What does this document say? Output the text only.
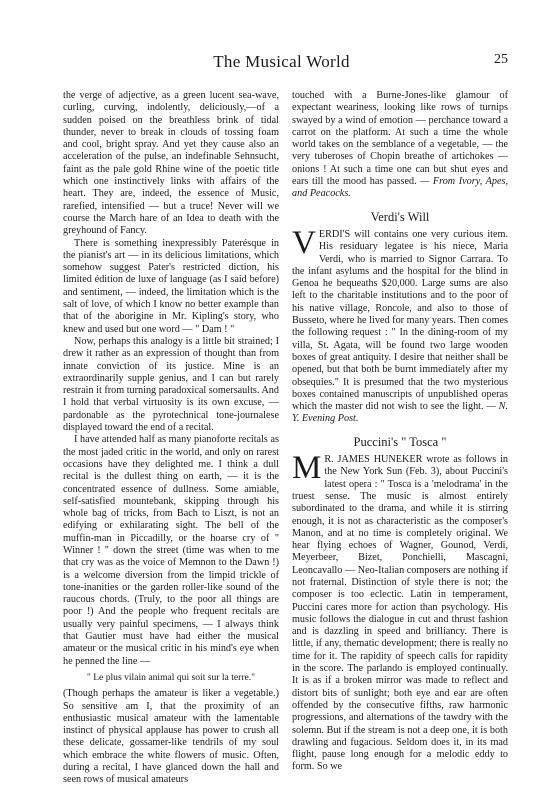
The Musical World	25

the verge of adjective, as a green lucent sea-wave, curling, curving, indolently, deliciously,—of a sudden poised on the breathless brink of tidal thunder, never to break in clouds of tossing foam and cool, bright spray. And yet they cause also an acceleration of the pulse, an indefinable Sehnsucht, faint as the pale gold Rhine wine of the poetic title which one instinctively links with affairs of the heart. They are, indeed, the essence of Music, rarefied, intensified — but a truce! Never will we course the March hare of an Idea to death with the greyhound of Fancy.

There is something inexpressibly Paterésque in the pianist's art — in its delicious limitations, which somehow suggest Pater's restricted diction, his limited édition de luxe of language (as I said before) and sentiment, — indeed, the limitation which is the salt of love, of which I know no better example than that of the aborigine in Mr. Kipling's story, who knew and used but one word — " Dam ! "

Now, perhaps this analogy is a little bit strained; I drew it rather as an expression of thought than from innate conviction of its justice. Mine is an extraordinarily supple genius, and I can but rarely restrain it from turning paradoxical somersaults. And I hold that verbal virtuosity is its own excuse, — pardonable as the pyrotechnical tone-journalese displayed toward the end of a recital.

I have attended half as many pianoforte recitals as the most jaded critic in the world, and only on rarest occasions have they delighted me. I think a dull recital is the dullest thing on earth, — it is the concentrated essence of dullness. Some amiable, self-satisfied mountebank, skipping through his whole bag of tricks, from Bach to Liszt, is not an edifying or exhilarating sight. The bell of the muffin-man in Piccadilly, or the hoarse cry of " Winner ! " down the street (time was when to me that cry was as the voice of Memnon to the Dawn !) is a welcome diversion from the limpid trickle of tone-inanities or the garden roller-like sound of the raucous chords. (Truly, to the poor all things are poor !) And the people who frequent recitals are usually very painful specimens, — I always think that Gautier must have had either the musical amateur or the musical critic in his mind's eye when he penned the line —

" Le plus vilain animal qui soit sur la terre."

(Though perhaps the amateur is liker a vegetable.) So sensitive am I, that the proximity of an enthusiastic musical amateur with the lamentable instinct of physical applause has power to crush all these delicate, gossamer-like tendrils of my soul which embrace the white flowers of music. Often, during a recital, I have glanced down the hall and seen rows of musical amateurs

touched with a Burne-Jones-like glamour of expectant weariness, looking like rows of turnips swayed by a wind of emotion — perchance toward a carrot on the platform. At such a time the whole world takes on the semblance of a vegetable, — the very tuberoses of Chopin breathe of artichokes — onions ! At such a time one can but shut eyes and ears till the mood has passed. — From Ivory, Apes, and Peacocks.

Verdi's Will

VERDI'S will contains one very curious item. His residuary legatee is his niece, Maria Verdi, who is married to Signor Carrara. To the infant asylums and the hospital for the blind in Genoa he bequeaths $20,000. Large sums are also left to the charitable institutions and to the poor of his native village, Roncole, and also to those of Busseto, where he lived for many years. Then comes the following request : " In the dining-room of my villa, St. Agata, will be found two large wooden boxes of great antiquity. I desire that neither shall be opened, but that both be burnt immediately after my obsequies." It is presumed that the two mysterious boxes contained manuscripts of unpublished operas which the master did not wish to see the light. — N. Y. Evening Post.

Puccini's " Tosca "

M R. JAMES HUNEKER wrote as follows in the New York Sun (Feb. 3), about Puccini's latest opera : " Tosca is a 'melodrama' in the truest sense. The music is almost entirely subordinated to the drama, and while it is stirring enough, it is not as characteristic as the composer's Manon, and at no time is completely original. We hear flying echoes of Wagner, Gounod, Verdi, Meyerbeer, Bizet, Ponchielli, Mascagni, Leoncavallo — Neo-Italian composers are nothing if not fraternal. Distinction of style there is not; the composer is too eclectic. Latin in temperament, Puccini cares more for action than psychology. His music follows the dialogue in cut and thrust fashion and is dazzling in speed and brilliancy. There is little, if any, thematic development; there is really no time for it. The rapidity of speech calls for rapidity in the score. The parlando is employed continually. It is as if a broken mirror was made to reflect and distort bits of sunlight; both eye and ear are often offended by the consecutive fifths, raw harmonic progressions, and alternations of the tawdry with the solemn. But if the stream is not a deep one, it is both drawling and fugacious. Seldom does it, in its mad flight, pause long enough for a melodic eddy to form. So we
